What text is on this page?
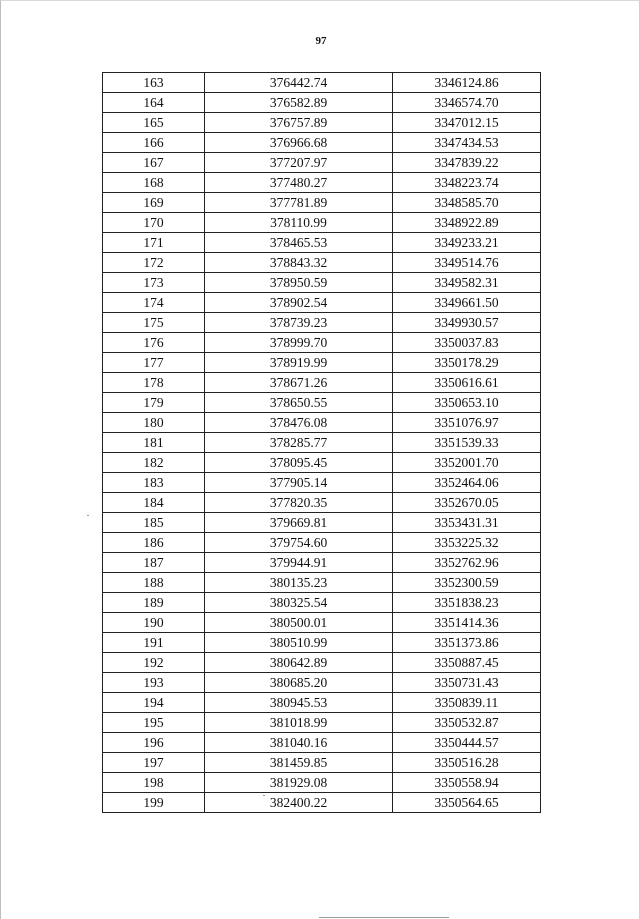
97
163	376442.74	3346124.86
164	376582.89	3346574.70
165	376757.89	3347012.15
166	376966.68	3347434.53
167	377207.97	3347839.22
168	377480.27	3348223.74
169	377781.89	3348585.70
170	378110.99	3348922.89
171	378465.53	3349233.21
172	378843.32	3349514.76
173	378950.59	3349582.31
174	378902.54	3349661.50
175	378739.23	3349930.57
176	378999.70	3350037.83
177	378919.99	3350178.29
178	378671.26	3350616.61
179	378650.55	3350653.10
180	378476.08	3351076.97
181	378285.77	3351539.33
182	378095.45	3352001.70
183	377905.14	3352464.06
184	377820.35	3352670.05
185	379669.81	3353431.31
186	379754.60	3353225.32
187	379944.91	3352762.96
188	380135.23	3352300.59
189	380325.54	3351838.23
190	380500.01	3351414.36
191	380510.99	3351373.86
192	380642.89	3350887.45
193	380685.20	3350731.43
194	380945.53	3350839.11
195	381018.99	3350532.87
196	381040.16	3350444.57
197	381459.85	3350516.28
198	381929.08	3350558.94
199	382400.22	3350564.65
